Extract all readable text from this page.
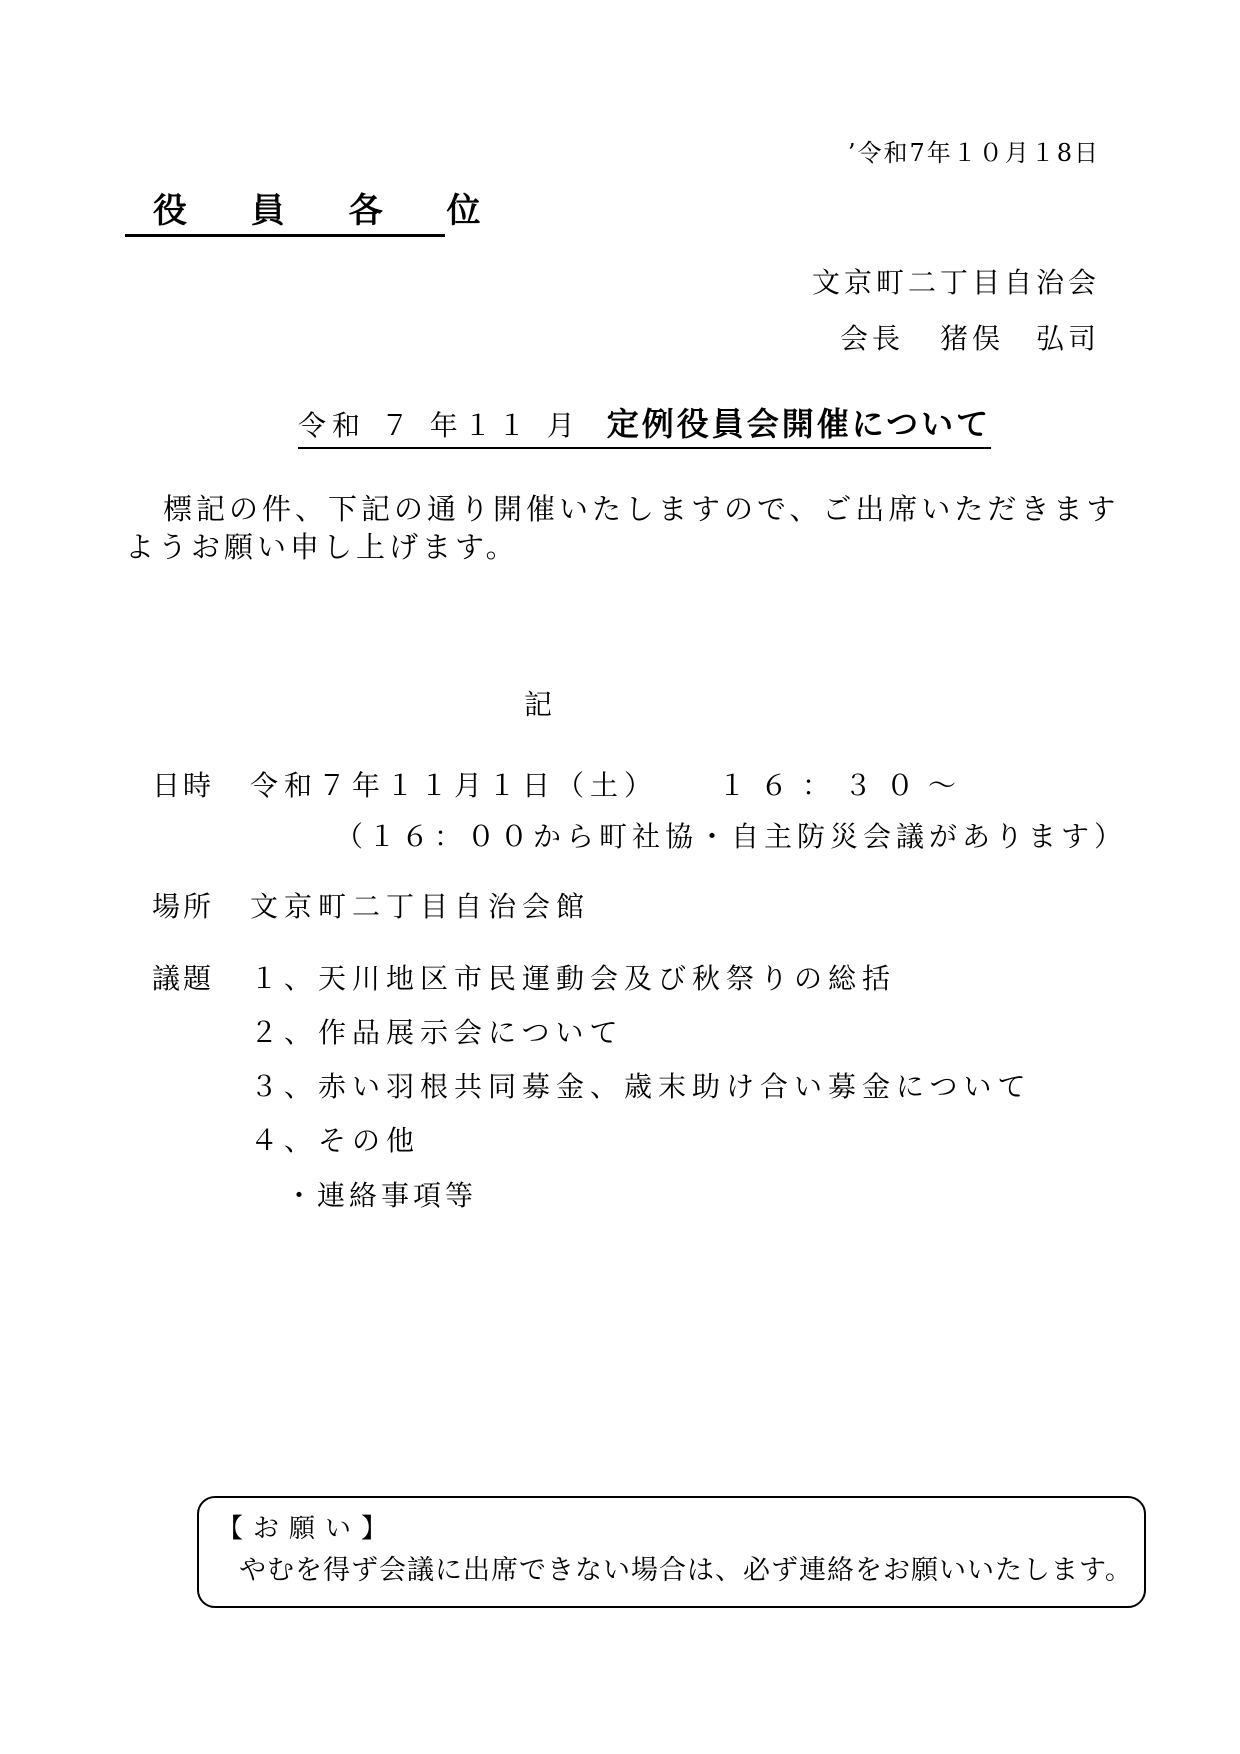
’令和7年１０月１8日
役 員 各 位
文京町二丁目自治会
会長 猪俣　弘司
令和 ７ 年１１ 月 定例役員会開催について
標記の件、下記の通り開催いたしますので、ご出席いただきます
ようお願い申し上げます。
記
日時 令和７年１１月１日（土） １６：３０～
（１６：００から町社協・自主防災会議があります）
場所 文京町二丁目自治会館
議題 １、天川地区市民運動会及び秋祭りの総括
２、作品展示会について
３、赤い羽根共同募金、歳末助け合い募金について
４、その他
・連絡事項等
【お願い】
やむを得ず会議に出席できない場合は、必ず連絡をお願いいたします。
